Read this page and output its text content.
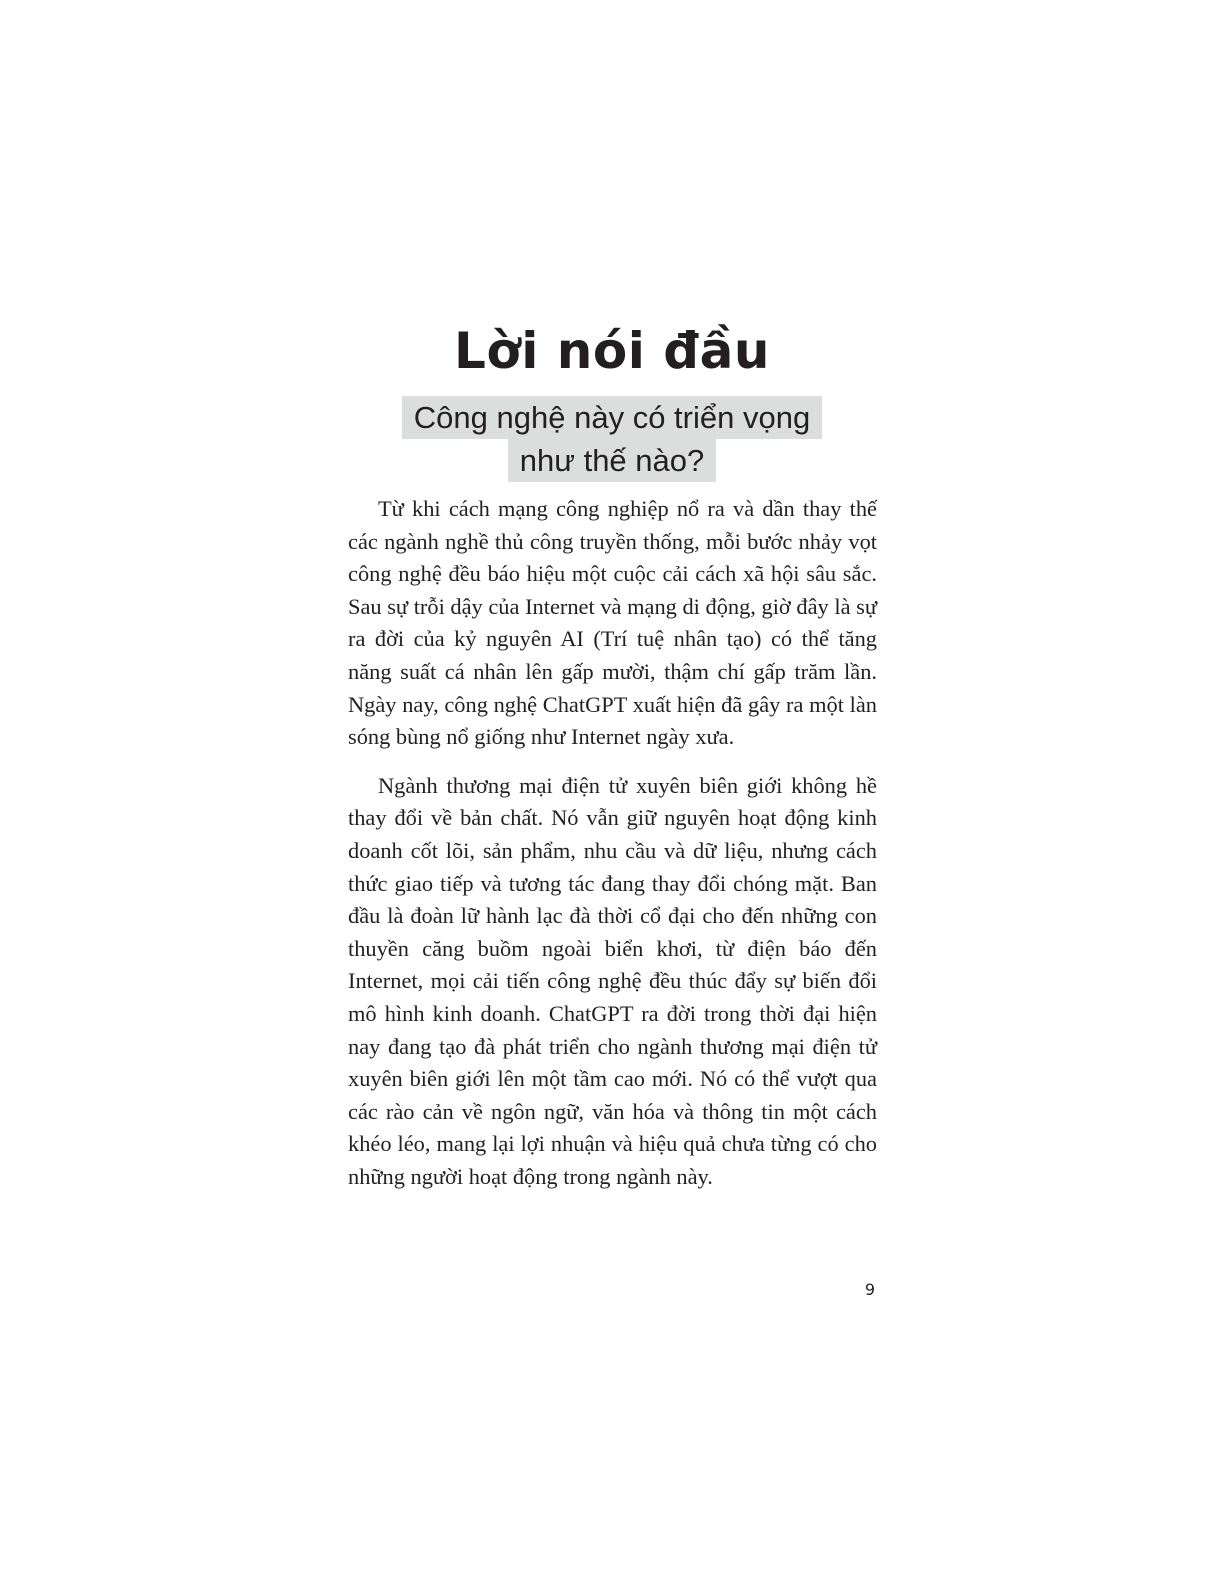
Lời nói đầu
Công nghệ này có triển vọng
như thế nào?

Từ khi cách mạng công nghiệp nổ ra và dần thay thế các ngành nghề thủ công truyền thống, mỗi bước nhảy vọt công nghệ đều báo hiệu một cuộc cải cách xã hội sâu sắc. Sau sự trỗi dậy của Internet và mạng di động, giờ đây là sự ra đời của kỷ nguyên AI (Trí tuệ nhân tạo) có thể tăng năng suất cá nhân lên gấp mười, thậm chí gấp trăm lần. Ngày nay, công nghệ ChatGPT xuất hiện đã gây ra một làn sóng bùng nổ giống như Internet ngày xưa.

Ngành thương mại điện tử xuyên biên giới không hề thay đổi về bản chất. Nó vẫn giữ nguyên hoạt động kinh doanh cốt lõi, sản phẩm, nhu cầu và dữ liệu, nhưng cách thức giao tiếp và tương tác đang thay đổi chóng mặt. Ban đầu là đoàn lữ hành lạc đà thời cổ đại cho đến những con thuyền căng buồm ngoài biển khơi, từ điện báo đến Internet, mọi cải tiến công nghệ đều thúc đẩy sự biến đổi mô hình kinh doanh. ChatGPT ra đời trong thời đại hiện nay đang tạo đà phát triển cho ngành thương mại điện tử xuyên biên giới lên một tầm cao mới. Nó có thể vượt qua các rào cản về ngôn ngữ, văn hóa và thông tin một cách khéo léo, mang lại lợi nhuận và hiệu quả chưa từng có cho những người hoạt động trong ngành này.

9
